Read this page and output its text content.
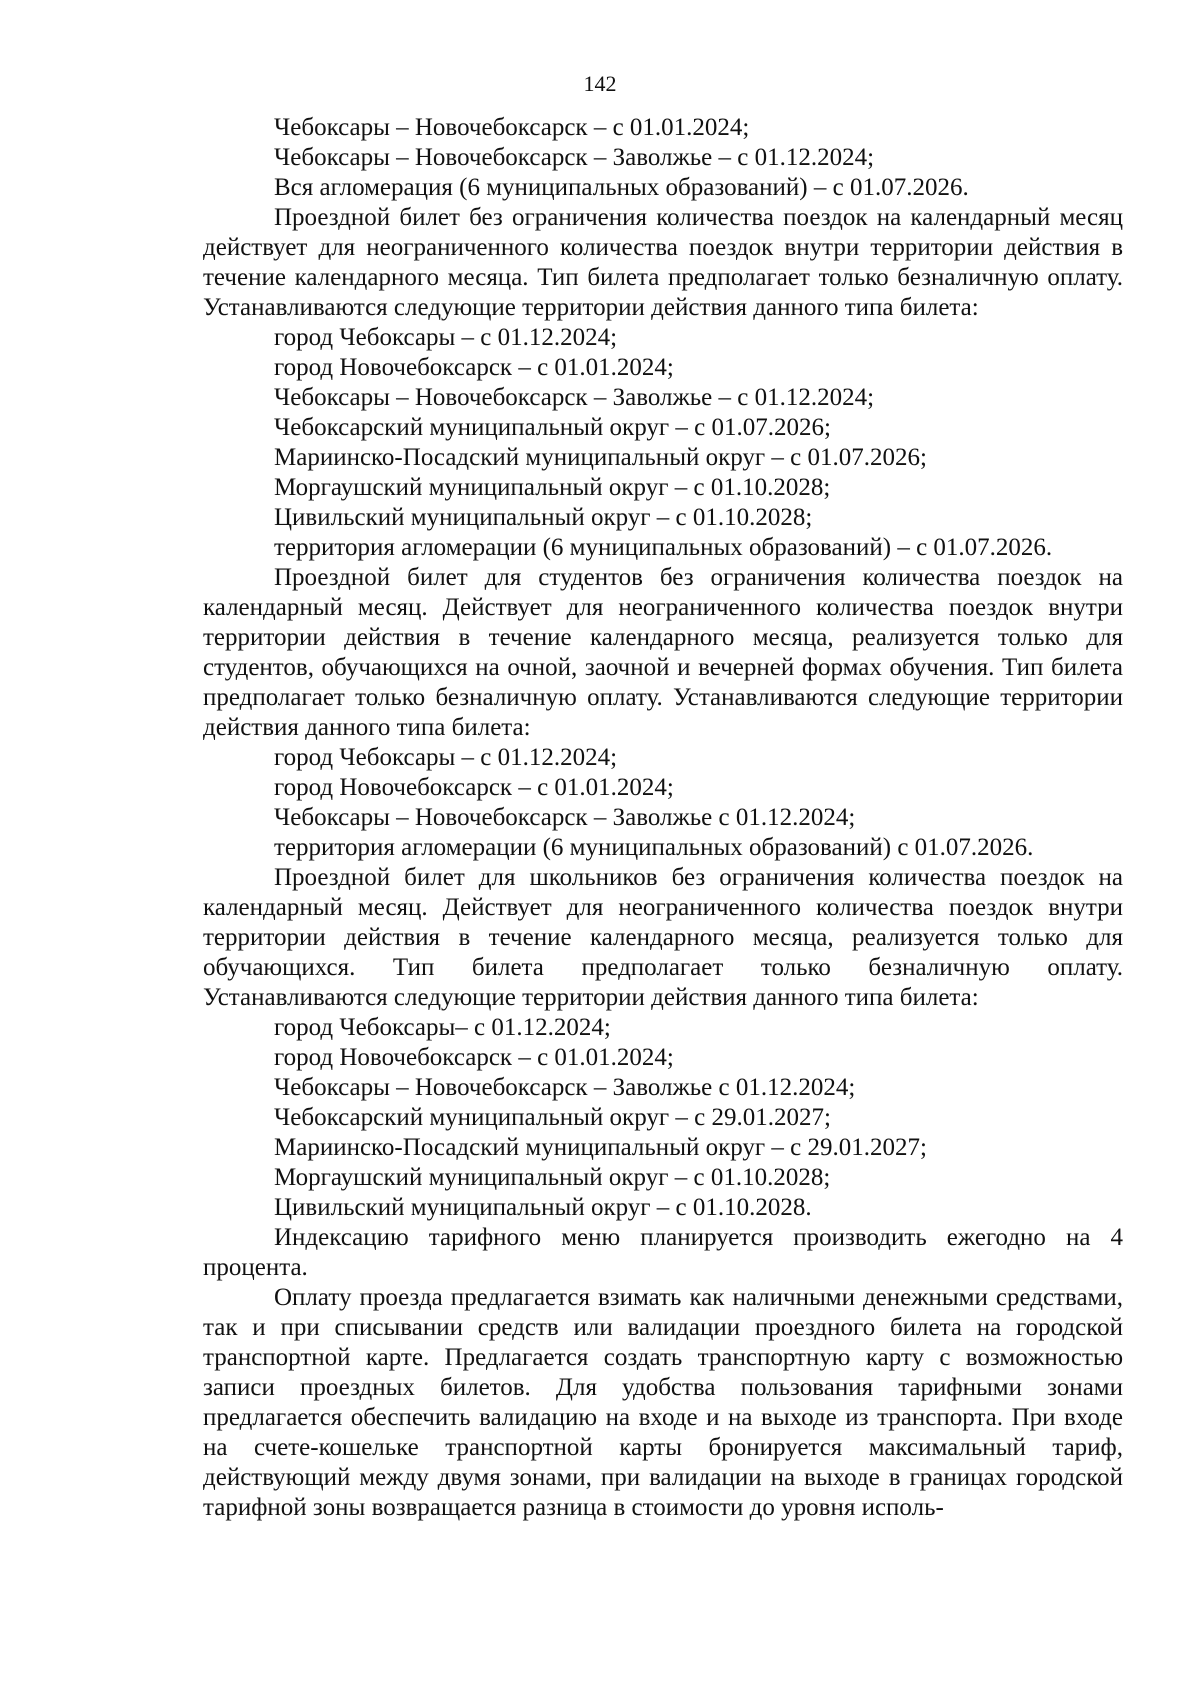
142
Чебоксары – Новочебоксарск – с 01.01.2024;
Чебоксары – Новочебоксарск – Заволжье – с 01.12.2024;
Вся агломерация (6 муниципальных образований) – с 01.07.2026.

Проездной билет без ограничения количества поездок на календарный месяц действует для неограниченного количества поездок внутри территории действия в течение календарного месяца. Тип билета предполагает только безналичную оплату. Устанавливаются следующие территории действия данного типа билета:

город Чебоксары – с 01.12.2024;
город Новочебоксарск – с 01.01.2024;
Чебоксары – Новочебоксарск – Заволжье – с 01.12.2024;
Чебоксарский муниципальный округ – с 01.07.2026;
Мариинско-Посадский муниципальный округ – с 01.07.2026;
Моргаушский муниципальный округ – с 01.10.2028;
Цивильский муниципальный округ – с 01.10.2028;
территория агломерации (6 муниципальных образований) – с 01.07.2026.

Проездной билет для студентов без ограничения количества поездок на календарный месяц. Действует для неограниченного количества поездок внутри территории действия в течение календарного месяца, реализуется только для студентов, обучающихся на очной, заочной и вечерней формах обучения. Тип билета предполагает только безналичную оплату. Устанавливаются следующие территории действия данного типа билета:

город Чебоксары – с 01.12.2024;
город Новочебоксарск – с 01.01.2024;
Чебоксары – Новочебоксарск – Заволжье с 01.12.2024;
территория агломерации (6 муниципальных образований) с 01.07.2026.

Проездной билет для школьников без ограничения количества поездок на календарный месяц. Действует для неограниченного количества поездок внутри территории действия в течение календарного месяца, реализуется только для обучающихся. Тип билета предполагает только безналичную оплату. Устанавливаются следующие территории действия данного типа билета:

город Чебоксары– с 01.12.2024;
город Новочебоксарск – с 01.01.2024;
Чебоксары – Новочебоксарск – Заволжье с 01.12.2024;
Чебоксарский муниципальный округ – с 29.01.2027;
Мариинско-Посадский муниципальный округ – с 29.01.2027;
Моргаушский муниципальный округ – с 01.10.2028;
Цивильский муниципальный округ – с 01.10.2028.

Индексацию тарифного меню планируется производить ежегодно на 4 процента.

Оплату проезда предлагается взимать как наличными денежными средствами, так и при списывании средств или валидации проездного билета на городской транспортной карте. Предлагается создать транспортную карту с возможностью записи проездных билетов. Для удобства пользования тарифными зонами предлагается обеспечить валидацию на входе и на выходе из транспорта. При входе на счете-кошельке транспортной карты бронируется максимальный тариф, действующий между двумя зонами, при валидации на выходе в границах городской тарифной зоны возвращается разница в стоимости до уровня исполь-
